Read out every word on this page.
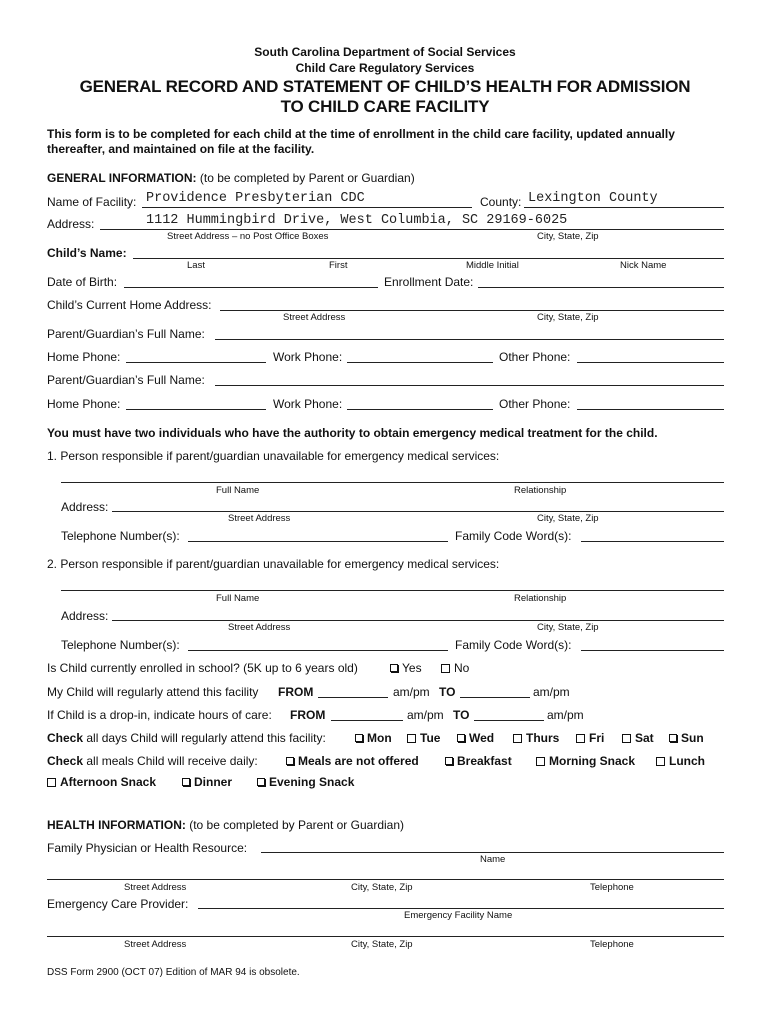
South Carolina Department of Social Services
Child Care Regulatory Services
GENERAL RECORD AND STATEMENT OF CHILD’S HEALTH FOR ADMISSION
TO CHILD CARE FACILITY
This form is to be completed for each child at the time of enrollment in the child care facility, updated annually thereafter, and maintained on file at the facility.
GENERAL INFORMATION: (to be completed by Parent or Guardian)
Name of Facility: Providence Presbyterian CDC	County: Lexington County
Address:	1112 Hummingbird Drive, West Columbia, SC 29169-6025
Street Address – no Post Office Boxes	City, State, Zip
Child’s Name:
Last	First	Middle Initial	Nick Name
Date of Birth:	Enrollment Date:
Child’s Current Home Address:
Street Address	City, State, Zip
Parent/Guardian’s Full Name:
Home Phone:	Work Phone:	Other Phone:
Parent/Guardian’s Full Name:
Home Phone:	Work Phone:	Other Phone:
You must have two individuals who have the authority to obtain emergency medical treatment for the child.
1. Person responsible if parent/guardian unavailable for emergency medical services:
Full Name	Relationship
Address:
Street Address	City, State, Zip
Telephone Number(s):	Family Code Word(s):
2. Person responsible if parent/guardian unavailable for emergency medical services:
Full Name	Relationship
Address:
Street Address	City, State, Zip
Telephone Number(s):	Family Code Word(s):
Is Child currently enrolled in school? (5K up to 6 years old)	Yes	No
My Child will regularly attend this facility FROM	am/pm TO	am/pm
If Child is a drop-in, indicate hours of care: FROM	am/pm TO	am/pm
Check all days Child will regularly attend this facility:	Mon	Tue	Wed	Thurs	Fri	Sat	Sun
Check all meals Child will receive daily:	Meals are not offered	Breakfast	Morning Snack	Lunch
Afternoon Snack	Dinner	Evening Snack
HEALTH INFORMATION: (to be completed by Parent or Guardian)
Family Physician or Health Resource:
Name
Street Address	City, State, Zip	Telephone
Emergency Care Provider:
Emergency Facility Name
Street Address	City, State, Zip	Telephone
DSS Form 2900 (OCT 07) Edition of MAR 94 is obsolete.
